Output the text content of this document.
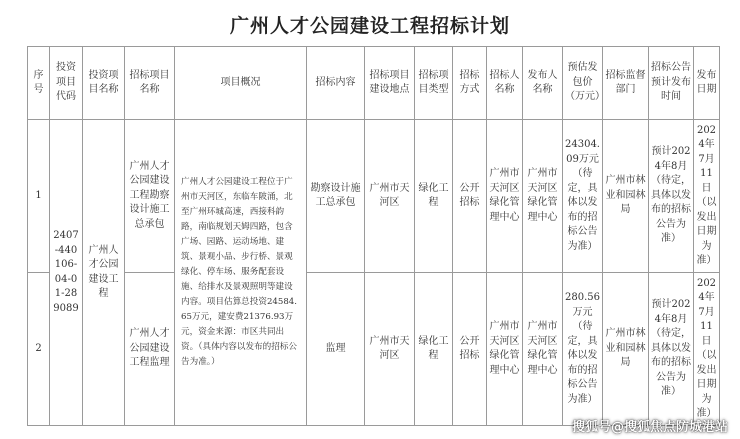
广州人才公园建设工程招标计划
序号	投资项目代码	投资项目名称	招标项目名称	项目概况	招标内容	招标项目建设地点	招标项目类型	招标方式	招标人名称	发布人名称	预估发包价（万元）	招标监督部门	招标公告预计发布时间	发布日期
1	2407-440106-04-01-289089	广州人才公园建设工程	广州人才公园建设工程勘察设计施工总承包	广州人才公园建设工程位于广州市天河区，东临车陂涌，北至广州环城高速，西接科韵路，南临规划天姆四路，包含广场、园路、运动场地、建筑、景观小品、步行桥、景观绿化、停车场、服务配套设施、给排水及景观照明等建设内容。项目估算总投资24584.65万元，建安费21376.93万元，资金来源：市区共同出资。（具体内容以发布的招标公告为准。）	勘察设计施工总承包	广州市天河区	绿化工程	公开招标	广州市天河区绿化管理中心	广州市天河区绿化管理中心	24304.09万元（待定，具体以发布的招标公告为准）	广州市林业和园林局	预计2024年8月（待定，具体以发布的招标公告为准）	2024年7月11日（以发出日期为准）
2			广州人才公园建设工程监理		监理	广州市天河区	绿化工程	公开招标	广州市天河区绿化管理中心	广州市天河区绿化管理中心	280.56万元（待定，具体以发布的招标公告为准）	广州市林业和园林局	预计2024年8月（待定，具体以发布的招标公告为准）	2024年7月11日（以发出日期为准）
搜狐号@搜狐焦点防城港站
